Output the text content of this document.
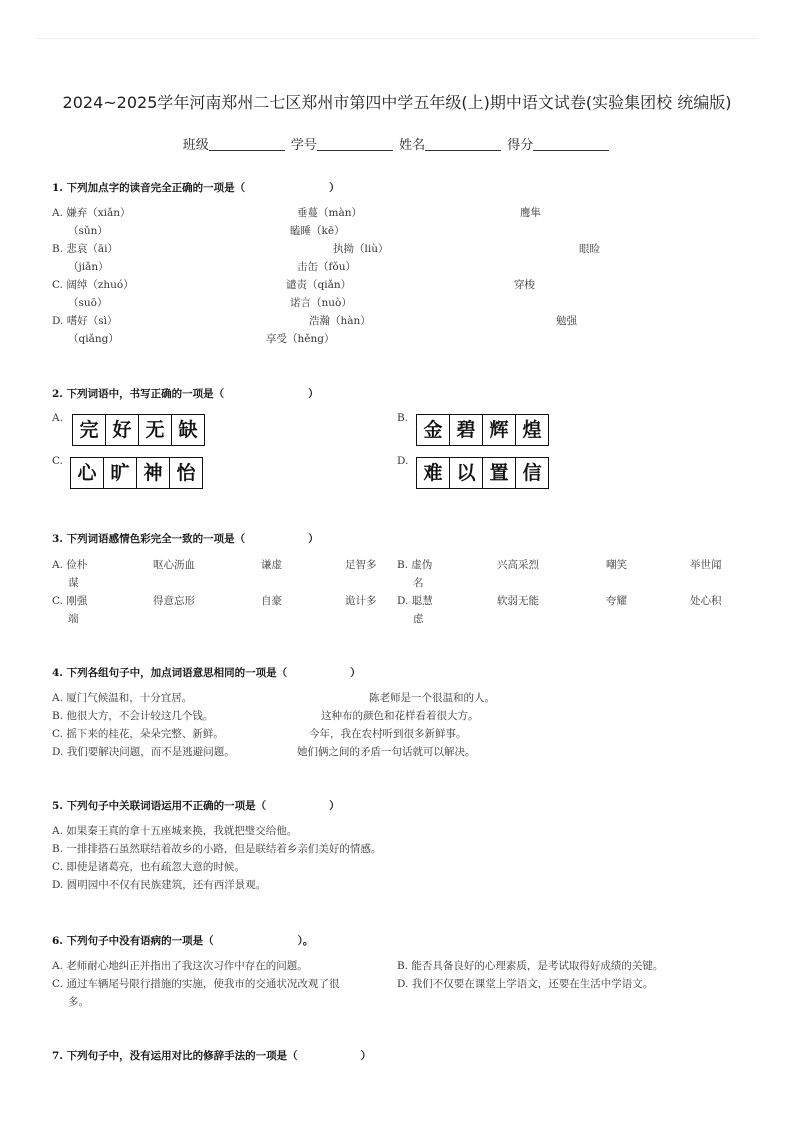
2024~2025学年河南郑州二七区郑州市第四中学五年级(上)期中语文试卷(实验集团校 统编版)
班级	学号	姓名	得分
1. 下列加点字的读音完全正确的一项是（　　　　　　　　）
A. 嫌弃（xiǎn）	垂蔓（màn）	鹰隼
（sǔn）	瞌睡（kē）
B. 悲哀（āi）	执拗（liù）	眼睑
（jiǎn）	击缶（fǒu）
C. 阔绰（zhuó）	谴责（qiǎn）	穿梭
（suō）	诺言（nuò）
D. 嗜好（sì）	浩瀚（hàn）	勉强
（qiǎng）	享受（hěng）
2. 下列词语中，书写正确的一项是（　　　　　　　　）
A.
完 好 无 缺
B.
金 碧 辉 煌
C.
心 旷 神 怡
D.
难 以 置 信
3. 下列词语感情色彩完全一致的一项是（　　　　　　）
A. 俭朴	呕心沥血	谦虚	足智多 B. 虚伪	兴高采烈	嘲笑	举世闻
谋	名
C. 刚强	得意忘形	自豪	诡计多 D. 聪慧	软弱无能	夸耀	处心积
端	虑
4. 下列各组句子中，加点词语意思相同的一项是（　　　　　　）
A. 厦门气候温和，十分宜居。	陈老师是一个很温和的人。
B. 他很大方，不会计较这几个钱。	这种布的颜色和花样看着很大方。
C. 摇下来的桂花，朵朵完整、新鲜。	今年，我在农村听到很多新鲜事。
D. 我们要解决问题，而不是逃避问题。	她们俩之间的矛盾一句话就可以解决。
5. 下列句子中关联词语运用不正确的一项是（　　　　　　）
A. 如果秦王真的拿十五座城来换，我就把璧交给他。
B. 一排排搭石虽然联结着故乡的小路，但是联结着乡亲们美好的情感。
C. 即使是诸葛亮，也有疏忽大意的时候。
D. 圆明园中不仅有民族建筑，还有西洋景观。
6. 下列句子中没有语病的一项是（　　　　　　　　）。
A. 老师耐心地纠正并指出了我这次习作中存在的问题。	B. 能否具备良好的心理素质，是考试取得好成绩的关键。
C. 通过车辆尾号限行措施的实施，使我市的交通状况改观了很	D. 我们不仅要在课堂上学语文，还要在生活中学语文。
多。
7. 下列句子中，没有运用对比的修辞手法的一项是（　　　　　　）
